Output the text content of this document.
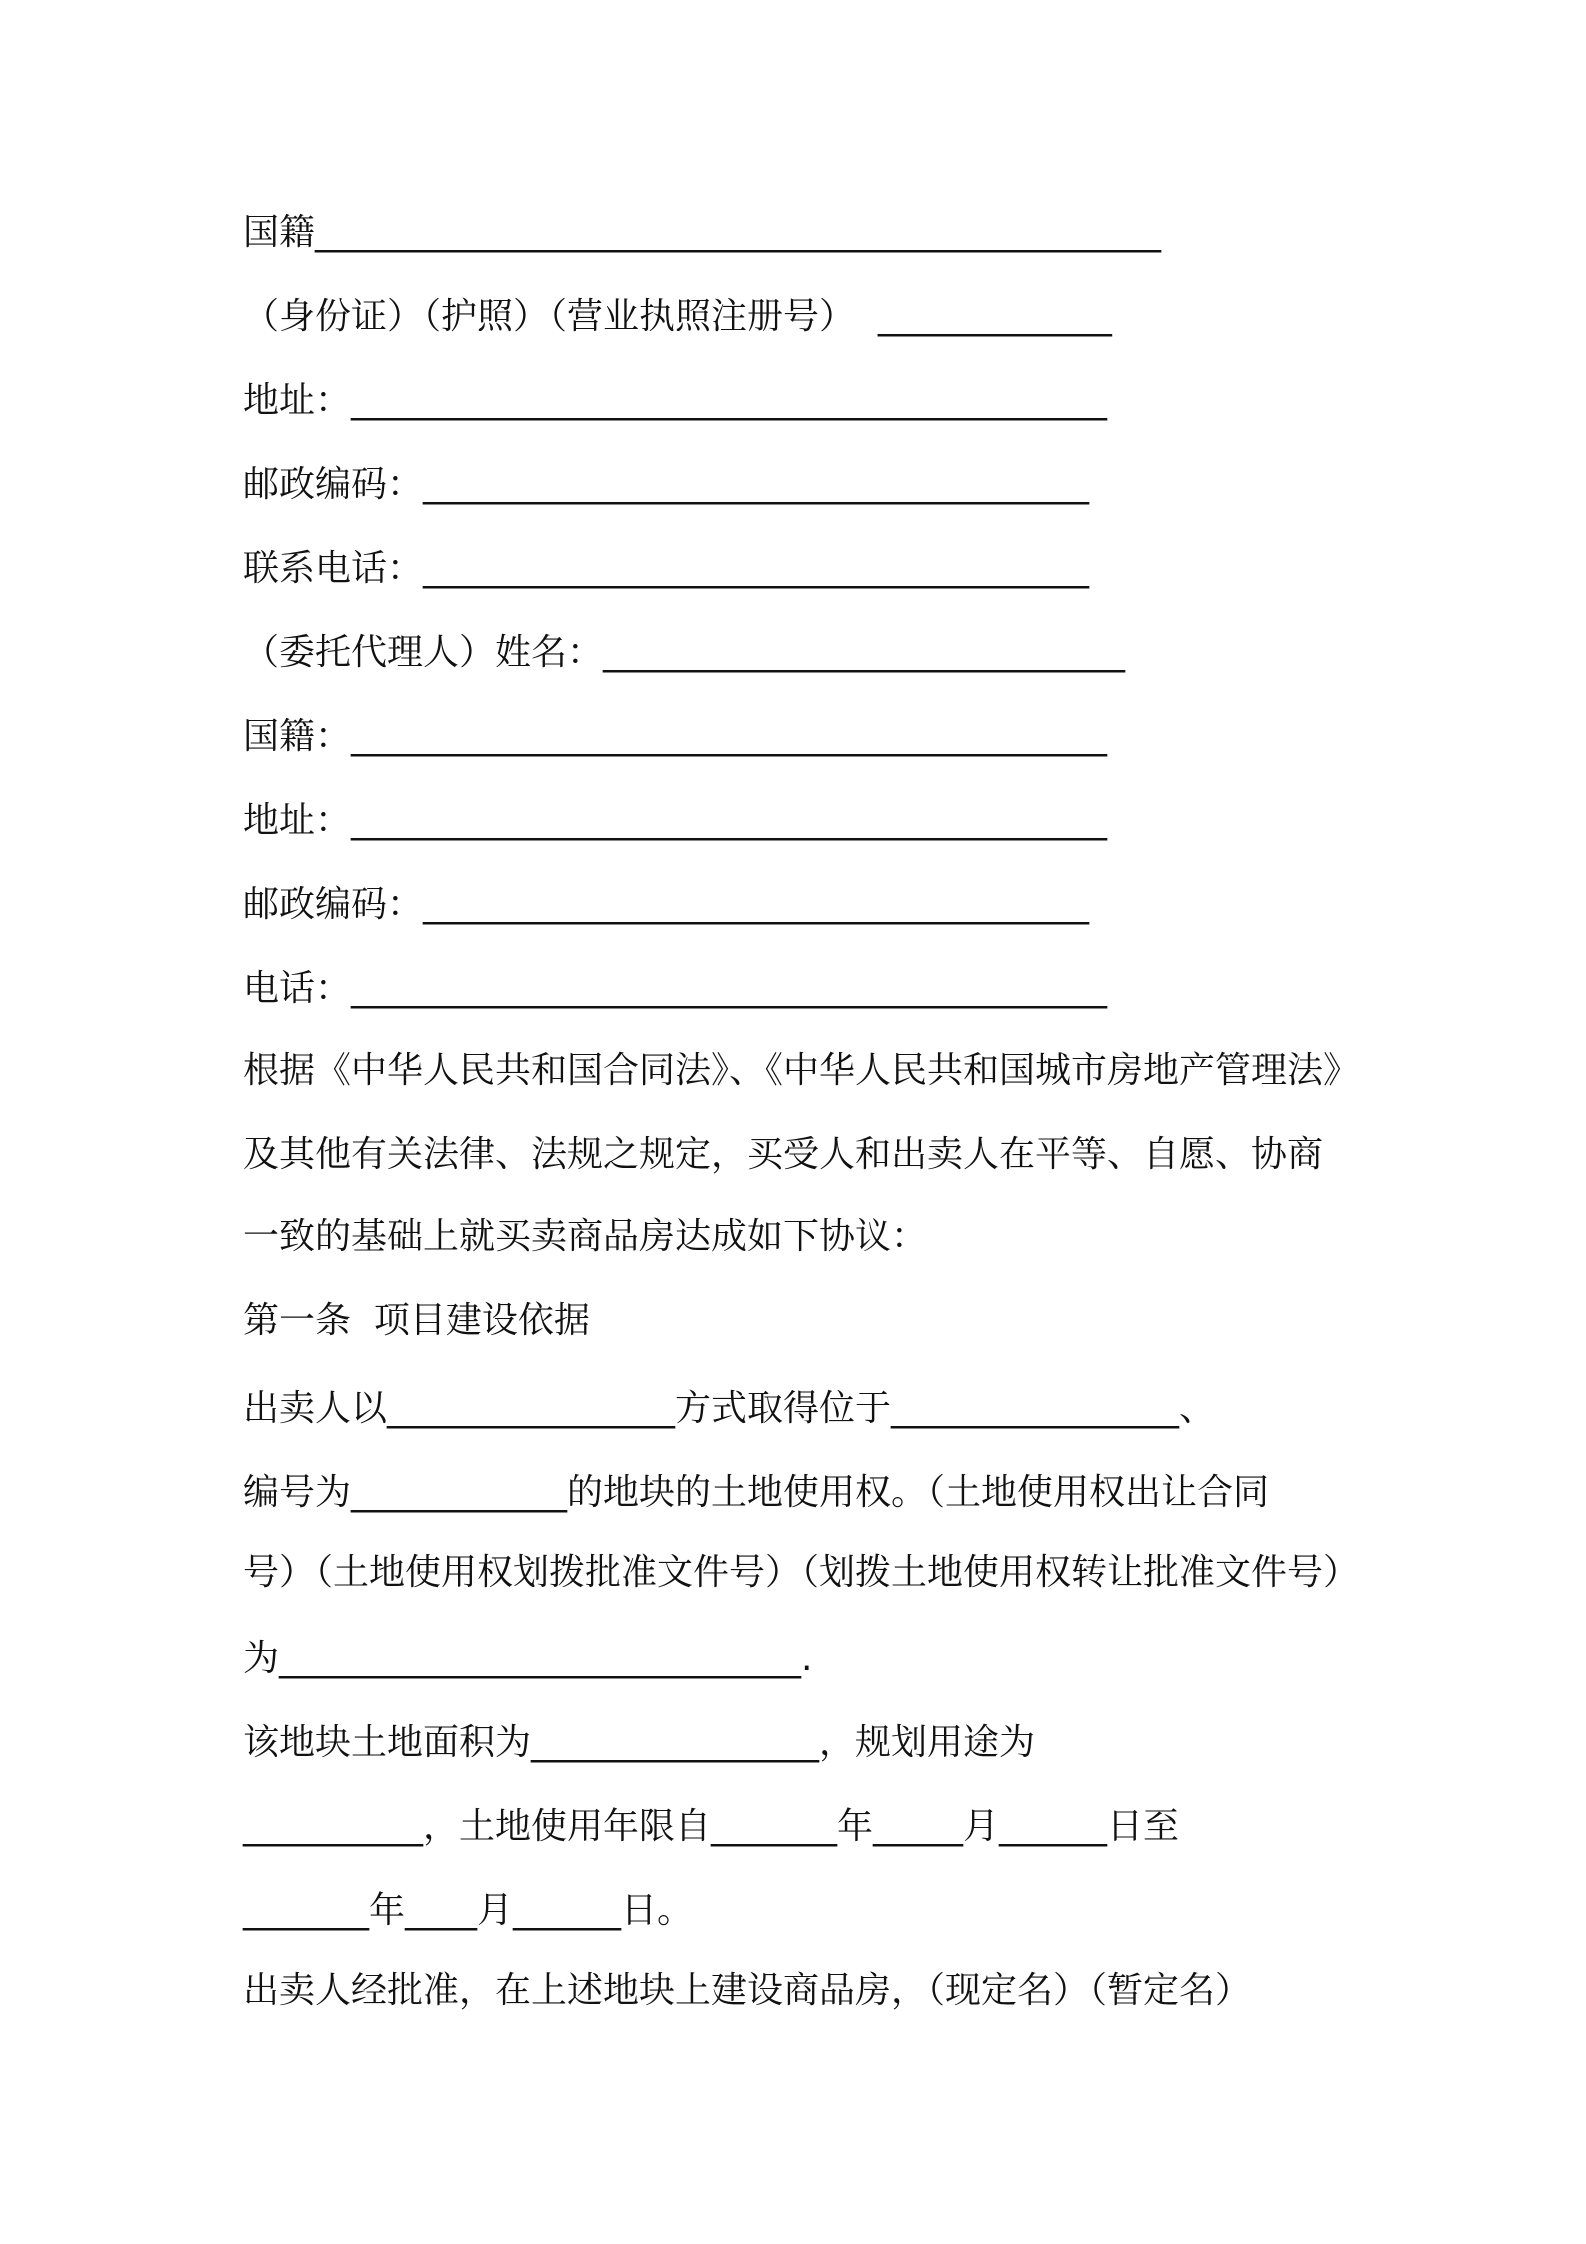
国籍_______________________________________________
（身份证）（护照）（营业执照注册号）  _____________
地址：__________________________________________
邮政编码：_____________________________________
联系电话：_____________________________________
（委托代理人）姓名：_____________________________
国籍：__________________________________________
地址：__________________________________________
邮政编码：_____________________________________
电话：__________________________________________
根据《中华人民共和国合同法》、《中华人民共和国城市房地产管理法》
及其他有关法律、法规之规定，买受人和出卖人在平等、自愿、协商
一致的基础上就买卖商品房达成如下协议：
第一条  项目建设依据
出卖人以________________方式取得位于________________、
编号为____________的地块的土地使用权。（土地使用权出让合同
号）（土地使用权划拨批准文件号）（划拨土地使用权转让批准文件号）
为_____________________________.
该地块土地面积为________________，规划用途为
__________，土地使用年限自_______年_____月______日至
_______年____月______日。
出卖人经批准，在上述地块上建设商品房，（现定名）（暂定名）
